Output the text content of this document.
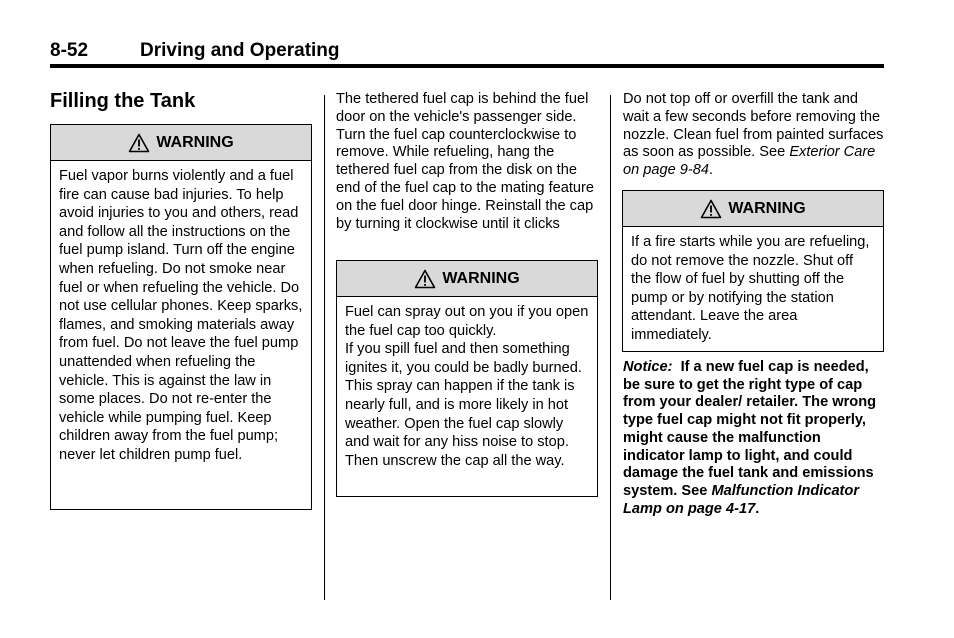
8-52	Driving and Operating
Filling the Tank
WARNING
Fuel vapor burns violently and a fuel fire can cause bad injuries. To help avoid injuries to you and others, read and follow all the instructions on the fuel pump island. Turn off the engine when refueling. Do not smoke near fuel or when refueling the vehicle. Do not use cellular phones. Keep sparks, flames, and smoking materials away from fuel. Do not leave the fuel pump unattended when refueling the vehicle. This is against the law in some places. Do not re-enter the vehicle while pumping fuel. Keep children away from the fuel pump; never let children pump fuel.
The tethered fuel cap is behind the fuel door on the vehicle's passenger side. Turn the fuel cap counterclockwise to remove. While refueling, hang the tethered fuel cap from the disk on the end of the fuel cap to the mating feature on the fuel door hinge. Reinstall the cap by turning it clockwise until it clicks
WARNING
Fuel can spray out on you if you open the fuel cap too quickly.
If you spill fuel and then something ignites it, you could be badly burned. This spray can happen if the tank is nearly full, and is more likely in hot weather. Open the fuel cap slowly and wait for any hiss noise to stop. Then unscrew the cap all the way.
Do not top off or overfill the tank and wait a few seconds before removing the nozzle. Clean fuel from painted surfaces as soon as possible. See Exterior Care on page 9-84.
WARNING
If a fire starts while you are refueling, do not remove the nozzle. Shut off the flow of fuel by shutting off the pump or by notifying the station attendant. Leave the area immediately.
Notice: If a new fuel cap is needed, be sure to get the right type of cap from your dealer/ retailer. The wrong type fuel cap might not fit properly, might cause the malfunction indicator lamp to light, and could damage the fuel tank and emissions system. See Malfunction Indicator Lamp on page 4-17.
